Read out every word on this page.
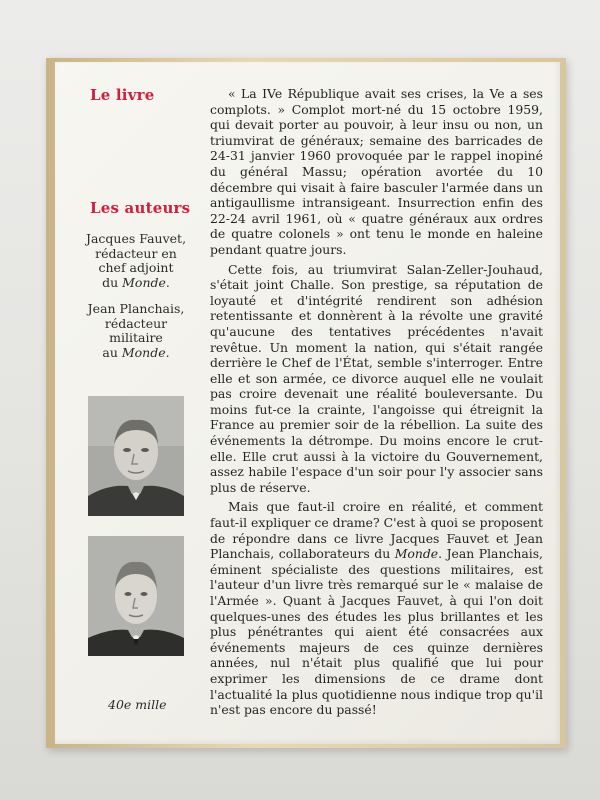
Le livre
Les auteurs
Jacques Fauvet,
rédacteur en
chef adjoint
du Monde.
Jean Planchais,
rédacteur
militaire
au Monde.
40e mille

« La IVe République avait ses crises, la Ve a ses complots. » Complot mort-né du 15 octobre 1959, qui devait porter au pouvoir, à leur insu ou non, un triumvirat de généraux; semaine des barricades de 24-31 janvier 1960 provoquée par le rappel inopiné du général Massu; opération avortée du 10 décembre qui visait à faire basculer l'armée dans un antigaullisme intransigeant. Insurrection enfin des 22-24 avril 1961, où « quatre généraux aux ordres de quatre colonels » ont tenu le monde en haleine pendant quatre jours.

Cette fois, au triumvirat Salan-Zeller-Jouhaud, s'était joint Challe. Son prestige, sa réputation de loyauté et d'intégrité rendirent son adhésion retentissante et donnèrent à la révolte une gravité qu'aucune des tentatives précédentes n'avait revêtue. Un moment la nation, qui s'était rangée derrière le Chef de l'État, semble s'interroger. Entre elle et son armée, ce divorce auquel elle ne voulait pas croire devenait une réalité bouleversante. Du moins fut-ce la crainte, l'angoisse qui étreignit la France au premier soir de la rébellion. La suite des événements la détrompe. Du moins encore le crut-elle. Elle crut aussi à la victoire du Gouvernement, assez habile l'espace d'un soir pour l'y associer sans plus de réserve.

Mais que faut-il croire en réalité, et comment faut-il expliquer ce drame? C'est à quoi se proposent de répondre dans ce livre Jacques Fauvet et Jean Planchais, collaborateurs du Monde. Jean Planchais, éminent spécialiste des questions militaires, est l'auteur d'un livre très remarqué sur le « malaise de l'Armée ». Quant à Jacques Fauvet, à qui l'on doit quelques-unes des études les plus brillantes et les plus pénétrantes qui aient été consacrées aux événements majeurs de ces quinze dernières années, nul n'était plus qualifié que lui pour exprimer les dimensions de ce drame dont l'actualité la plus quotidienne nous indique trop qu'il n'est pas encore du passé!
